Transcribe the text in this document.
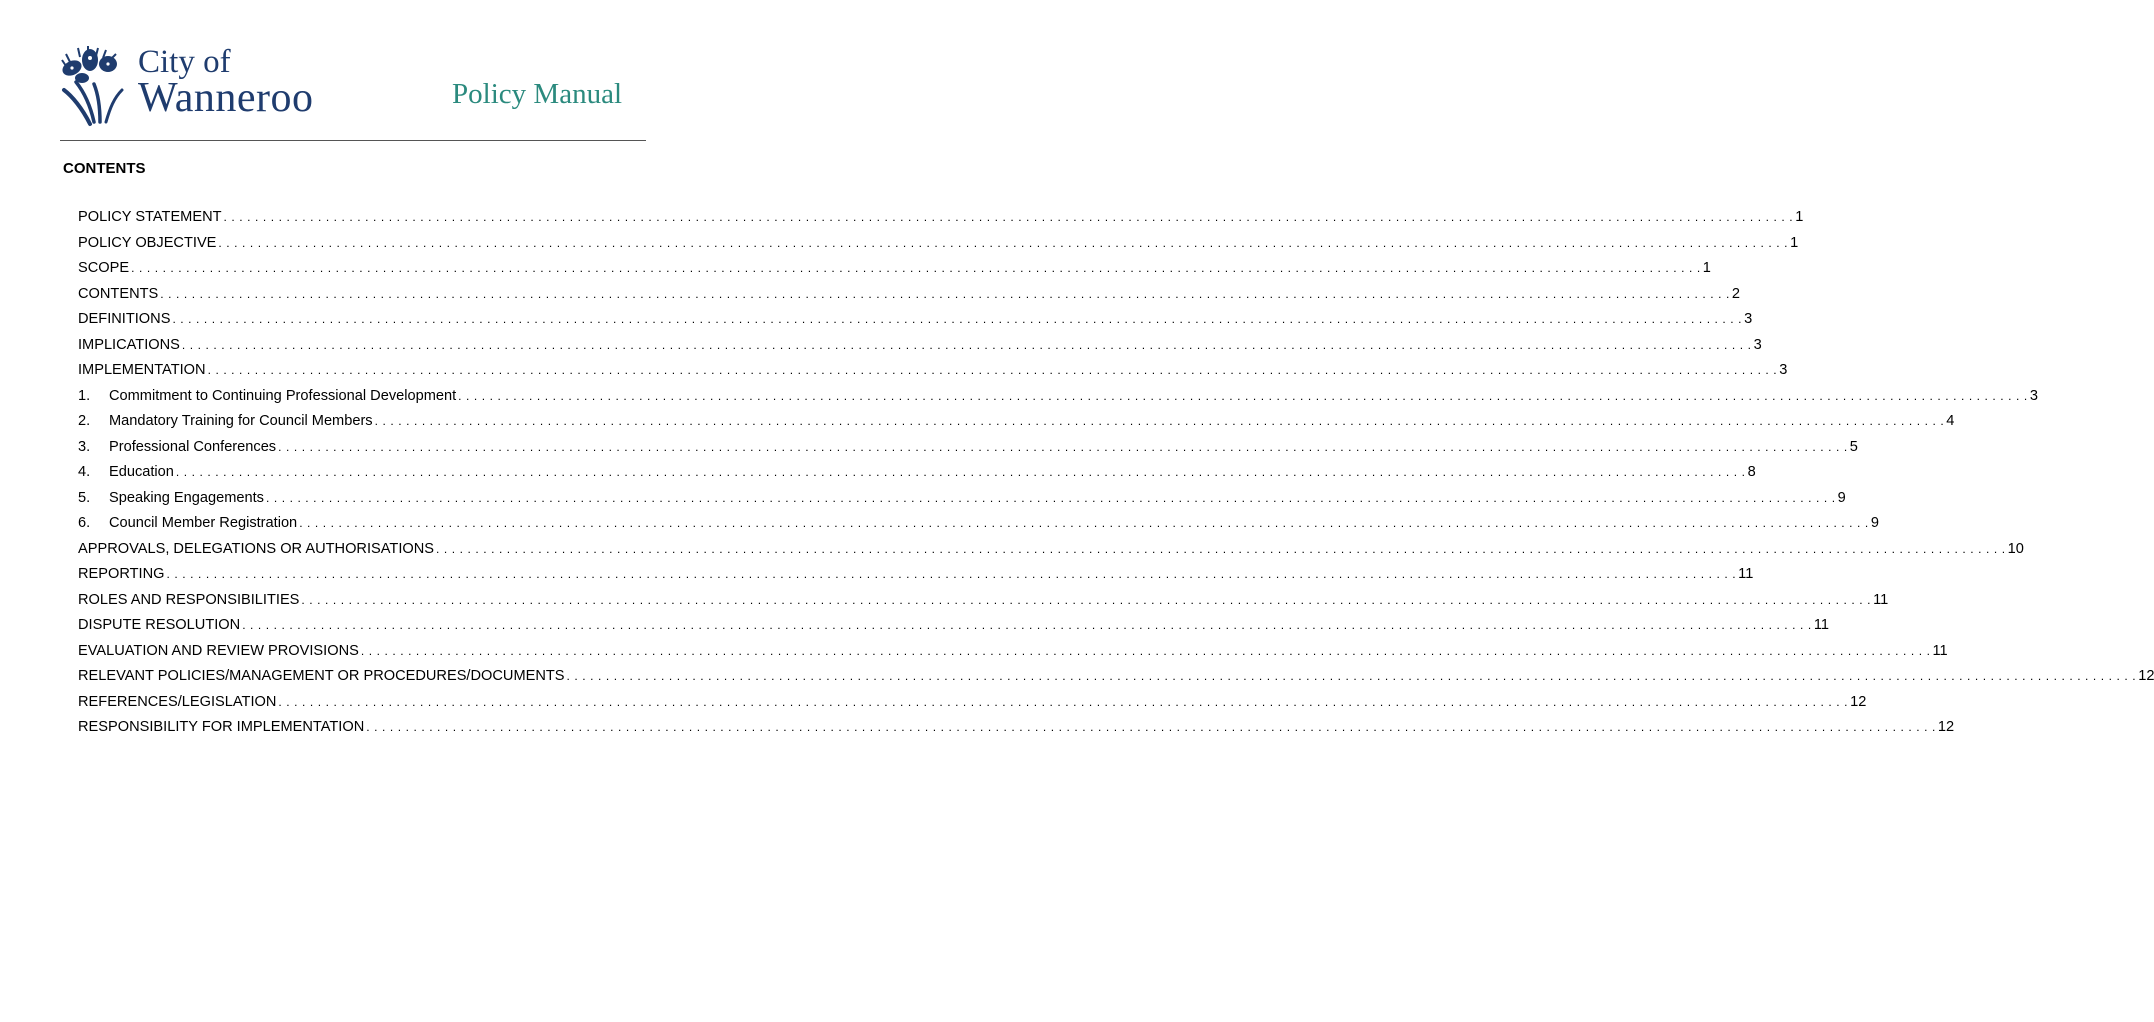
City of
Wanneroo	Policy Manual
CONTENTS
POLICY STATEMENT . . . . . . . . . . . . . . . . . . . . . . . . . . . . . . . . . . . . . . . . . . . . . . . . . . . . . . . . . . . . . . . . . . . . . . . . . . . . . . . . . . . . . . . . . . . . . . . . . . . . . . . . . . . . . . . . . . . . . . . . . . . . . . . . . . . . . . . . . . . . . . . . . . . . . . . . . . . . . . . . . . . . . . . . . . . . . . . . . . . . . . . . . . . . . . . . . . . . . . . . 1
POLICY OBJECTIVE . . . . . . . . . . . . . . . . . . . . . . . . . . . . . . . . . . . . . . . . . . . . . . . . . . . . . . . . . . . . . . . . . . . . . . . . . . . . . . . . . . . . . . . . . . . . . . . . . . . . . . . . . . . . . . . . . . . . . . . . . . . . . . . . . . . . . . . . . . . . . . . . . . . . . . . . . . . . . . . . . . . . . . . . . . . . . . . . . . . . . . . . . . . . . . . . . . . . . . . . 1
SCOPE . . . . . . . . . . . . . . . . . . . . . . . . . . . . . . . . . . . . . . . . . . . . . . . . . . . . . . . . . . . . . . . . . . . . . . . . . . . . . . . . . . . . . . . . . . . . . . . . . . . . . . . . . . . . . . . . . . . . . . . . . . . . . . . . . . . . . . . . . . . . . . . . . . . . . . . . . . . . . . . . . . . . . . . . . . . . . . . . . . . . . . . . . . . . . . . . . . . . . . . . 1
CONTENTS . . . . . . . . . . . . . . . . . . . . . . . . . . . . . . . . . . . . . . . . . . . . . . . . . . . . . . . . . . . . . . . . . . . . . . . . . . . . . . . . . . . . . . . . . . . . . . . . . . . . . . . . . . . . . . . . . . . . . . . . . . . . . . . . . . . . . . . . . . . . . . . . . . . . . . . . . . . . . . . . . . . . . . . . . . . . . . . . . . . . . . . . . . . . . . . . . . . . . . . . 2
DEFINITIONS . . . . . . . . . . . . . . . . . . . . . . . . . . . . . . . . . . . . . . . . . . . . . . . . . . . . . . . . . . . . . . . . . . . . . . . . . . . . . . . . . . . . . . . . . . . . . . . . . . . . . . . . . . . . . . . . . . . . . . . . . . . . . . . . . . . . . . . . . . . . . . . . . . . . . . . . . . . . . . . . . . . . . . . . . . . . . . . . . . . . . . . . . . . . . . . . . . . . . . . . 3
IMPLICATIONS . . . . . . . . . . . . . . . . . . . . . . . . . . . . . . . . . . . . . . . . . . . . . . . . . . . . . . . . . . . . . . . . . . . . . . . . . . . . . . . . . . . . . . . . . . . . . . . . . . . . . . . . . . . . . . . . . . . . . . . . . . . . . . . . . . . . . . . . . . . . . . . . . . . . . . . . . . . . . . . . . . . . . . . . . . . . . . . . . . . . . . . . . . . . . . . . . . . . . . . . 3
IMPLEMENTATION . . . . . . . . . . . . . . . . . . . . . . . . . . . . . . . . . . . . . . . . . . . . . . . . . . . . . . . . . . . . . . . . . . . . . . . . . . . . . . . . . . . . . . . . . . . . . . . . . . . . . . . . . . . . . . . . . . . . . . . . . . . . . . . . . . . . . . . . . . . . . . . . . . . . . . . . . . . . . . . . . . . . . . . . . . . . . . . . . . . . . . . . . . . . . . . . . . . . . . . . 3
1.	Commitment to Continuing Professional Development . . . . . . . . . . . . . . . . . . . . . . . . . . . . . . . . . . . . . . . . . . . . . . . . . . . . . . . . . . . . . . . . . . . . . . . . . . . . . . . . . . . . . . . . . . . . . . . . . . . . . . . . . . . . . . . . . . . . . . . . . . . . . . . . . . . . . . . . . . . . . . . . . . . . . . . . . . . . . . . . . . . . . . . . . . . . . . . . . . . . . . . . . . . . . . . . . . . . . . . . 3
2.	Mandatory Training for Council Members . . . . . . . . . . . . . . . . . . . . . . . . . . . . . . . . . . . . . . . . . . . . . . . . . . . . . . . . . . . . . . . . . . . . . . . . . . . . . . . . . . . . . . . . . . . . . . . . . . . . . . . . . . . . . . . . . . . . . . . . . . . . . . . . . . . . . . . . . . . . . . . . . . . . . . . . . . . . . . . . . . . . . . . . . . . . . . . . . . . . . . . . . . . . . . . . . . . . . . . . 4
3.	Professional Conferences . . . . . . . . . . . . . . . . . . . . . . . . . . . . . . . . . . . . . . . . . . . . . . . . . . . . . . . . . . . . . . . . . . . . . . . . . . . . . . . . . . . . . . . . . . . . . . . . . . . . . . . . . . . . . . . . . . . . . . . . . . . . . . . . . . . . . . . . . . . . . . . . . . . . . . . . . . . . . . . . . . . . . . . . . . . . . . . . . . . . . . . . . . . . . . . . . . . . . . . . 5
4.	Education . . . . . . . . . . . . . . . . . . . . . . . . . . . . . . . . . . . . . . . . . . . . . . . . . . . . . . . . . . . . . . . . . . . . . . . . . . . . . . . . . . . . . . . . . . . . . . . . . . . . . . . . . . . . . . . . . . . . . . . . . . . . . . . . . . . . . . . . . . . . . . . . . . . . . . . . . . . . . . . . . . . . . . . . . . . . . . . . . . . . . . . . . . . . . . . . . . . . . . . . 8
5.	Speaking Engagements . . . . . . . . . . . . . . . . . . . . . . . . . . . . . . . . . . . . . . . . . . . . . . . . . . . . . . . . . . . . . . . . . . . . . . . . . . . . . . . . . . . . . . . . . . . . . . . . . . . . . . . . . . . . . . . . . . . . . . . . . . . . . . . . . . . . . . . . . . . . . . . . . . . . . . . . . . . . . . . . . . . . . . . . . . . . . . . . . . . . . . . . . . . . . . . . . . . . . . . . 9
6.	Council Member Registration . . . . . . . . . . . . . . . . . . . . . . . . . . . . . . . . . . . . . . . . . . . . . . . . . . . . . . . . . . . . . . . . . . . . . . . . . . . . . . . . . . . . . . . . . . . . . . . . . . . . . . . . . . . . . . . . . . . . . . . . . . . . . . . . . . . . . . . . . . . . . . . . . . . . . . . . . . . . . . . . . . . . . . . . . . . . . . . . . . . . . . . . . . . . . . . . . . . . . . . . 9
APPROVALS, DELEGATIONS OR AUTHORISATIONS . . . . . . . . . . . . . . . . . . . . . . . . . . . . . . . . . . . . . . . . . . . . . . . . . . . . . . . . . . . . . . . . . . . . . . . . . . . . . . . . . . . . . . . . . . . . . . . . . . . . . . . . . . . . . . . . . . . . . . . . . . . . . . . . . . . . . . . . . . . . . . . . . . . . . . . . . . . . . . . . . . . . . . . . . . . . . . . . . . . . . . . . . . . . . . . . . . . . . . . . 10
REPORTING . . . . . . . . . . . . . . . . . . . . . . . . . . . . . . . . . . . . . . . . . . . . . . . . . . . . . . . . . . . . . . . . . . . . . . . . . . . . . . . . . . . . . . . . . . . . . . . . . . . . . . . . . . . . . . . . . . . . . . . . . . . . . . . . . . . . . . . . . . . . . . . . . . . . . . . . . . . . . . . . . . . . . . . . . . . . . . . . . . . . . . . . . . . . . . . . . . . . . . . . 11
ROLES AND RESPONSIBILITIES . . . . . . . . . . . . . . . . . . . . . . . . . . . . . . . . . . . . . . . . . . . . . . . . . . . . . . . . . . . . . . . . . . . . . . . . . . . . . . . . . . . . . . . . . . . . . . . . . . . . . . . . . . . . . . . . . . . . . . . . . . . . . . . . . . . . . . . . . . . . . . . . . . . . . . . . . . . . . . . . . . . . . . . . . . . . . . . . . . . . . . . . . . . . . . . . . . . . . . . . 11
DISPUTE RESOLUTION . . . . . . . . . . . . . . . . . . . . . . . . . . . . . . . . . . . . . . . . . . . . . . . . . . . . . . . . . . . . . . . . . . . . . . . . . . . . . . . . . . . . . . . . . . . . . . . . . . . . . . . . . . . . . . . . . . . . . . . . . . . . . . . . . . . . . . . . . . . . . . . . . . . . . . . . . . . . . . . . . . . . . . . . . . . . . . . . . . . . . . . . . . . . . . . . . . . . . . . . 11
EVALUATION AND REVIEW PROVISIONS . . . . . . . . . . . . . . . . . . . . . . . . . . . . . . . . . . . . . . . . . . . . . . . . . . . . . . . . . . . . . . . . . . . . . . . . . . . . . . . . . . . . . . . . . . . . . . . . . . . . . . . . . . . . . . . . . . . . . . . . . . . . . . . . . . . . . . . . . . . . . . . . . . . . . . . . . . . . . . . . . . . . . . . . . . . . . . . . . . . . . . . . . . . . . . . . . . . . . . . . 11
RELEVANT POLICIES/MANAGEMENT OR PROCEDURES/DOCUMENTS . . . . . . . . . . . . . . . . . . . . . . . . . . . . . . . . . . . . . . . . . . . . . . . . . . . . . . . . . . . . . . . . . . . . . . . . . . . . . . . . . . . . . . . . . . . . . . . . . . . . . . . . . . . . . . . . . . . . . . . . . . . . . . . . . . . . . . . . . . . . . . . . . . . . . . . . . . . . . . . . . . . . . . . . . . . . . . . . . . . . . . . . . . . . . . . . . . . . . . . . 12
REFERENCES/LEGISLATION . . . . . . . . . . . . . . . . . . . . . . . . . . . . . . . . . . . . . . . . . . . . . . . . . . . . . . . . . . . . . . . . . . . . . . . . . . . . . . . . . . . . . . . . . . . . . . . . . . . . . . . . . . . . . . . . . . . . . . . . . . . . . . . . . . . . . . . . . . . . . . . . . . . . . . . . . . . . . . . . . . . . . . . . . . . . . . . . . . . . . . . . . . . . . . . . . . . . . . . . 12
RESPONSIBILITY FOR IMPLEMENTATION . . . . . . . . . . . . . . . . . . . . . . . . . . . . . . . . . . . . . . . . . . . . . . . . . . . . . . . . . . . . . . . . . . . . . . . . . . . . . . . . . . . . . . . . . . . . . . . . . . . . . . . . . . . . . . . . . . . . . . . . . . . . . . . . . . . . . . . . . . . . . . . . . . . . . . . . . . . . . . . . . . . . . . . . . . . . . . . . . . . . . . . . . . . . . . . . . . . . . . . . 12
